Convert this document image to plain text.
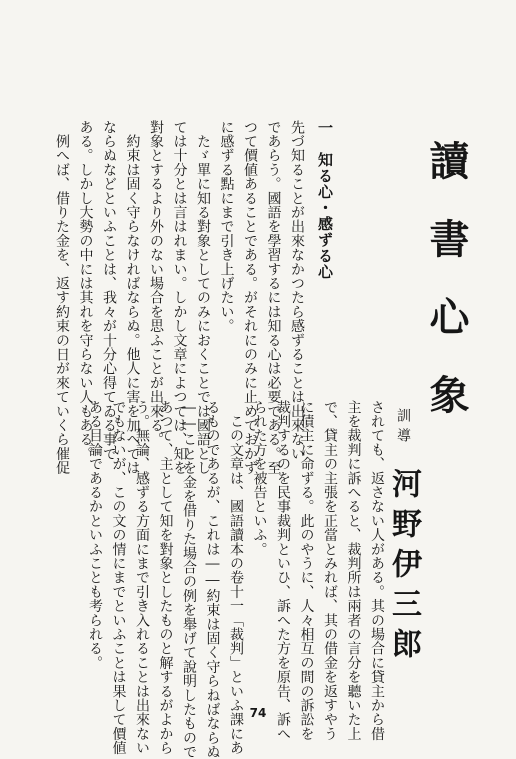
讀書心象
訓導
河野伊三郎
一　知る心・感ずる心
先づ知ることが出來なかつたら感ずることは出來ない
であらう。國語を學習するには知る心は必要である。至
つて價値あることである。がそれにのみに止めておかず
に感ずる點にまで引き上げたい。
　たゞ單に知る對象としてのみにおくことでは國語とし
ては十分とは言はれまい。しかし文章によつては、知を
對象とするより外のない場合を思ふことが出來る。
　約束は固く守らなければならぬ。他人に害を加へては
ならぬなどといふことは、我々が十分心得てゐる事で
ある。しかし大勢の中には其れを守らない人もある。
　例へば、借りた金を、返す約束の日が來ていくら催促
されても、返さない人がある。其の場合に貸主から借
主を裁判に訴へると、裁判所は兩者の言分を聽いた上
で、貸主の主張を正當とみれば、其の借金を返すやう
に債主に命ずる。此のやうに、人々相互の間の訴訟を
裁判するのを民事裁判といひ、訴へた方を原告、訴へ
られた方を被告といふ。
　この文章は、國語讀本の卷十一「裁判」といふ課にあ
るものであるが、これは――約束は固く守らねばならぬ
――ことを金を借りた場合の例を舉げて說明したもので
あつて、主として知を對象としたものと解するがよから
う。無論、感ずる方面にまで引き入れることは出來ない
でもないが、この文の情にまでといふことは果して價値
ある目論であるかといふことも考られる。
74
